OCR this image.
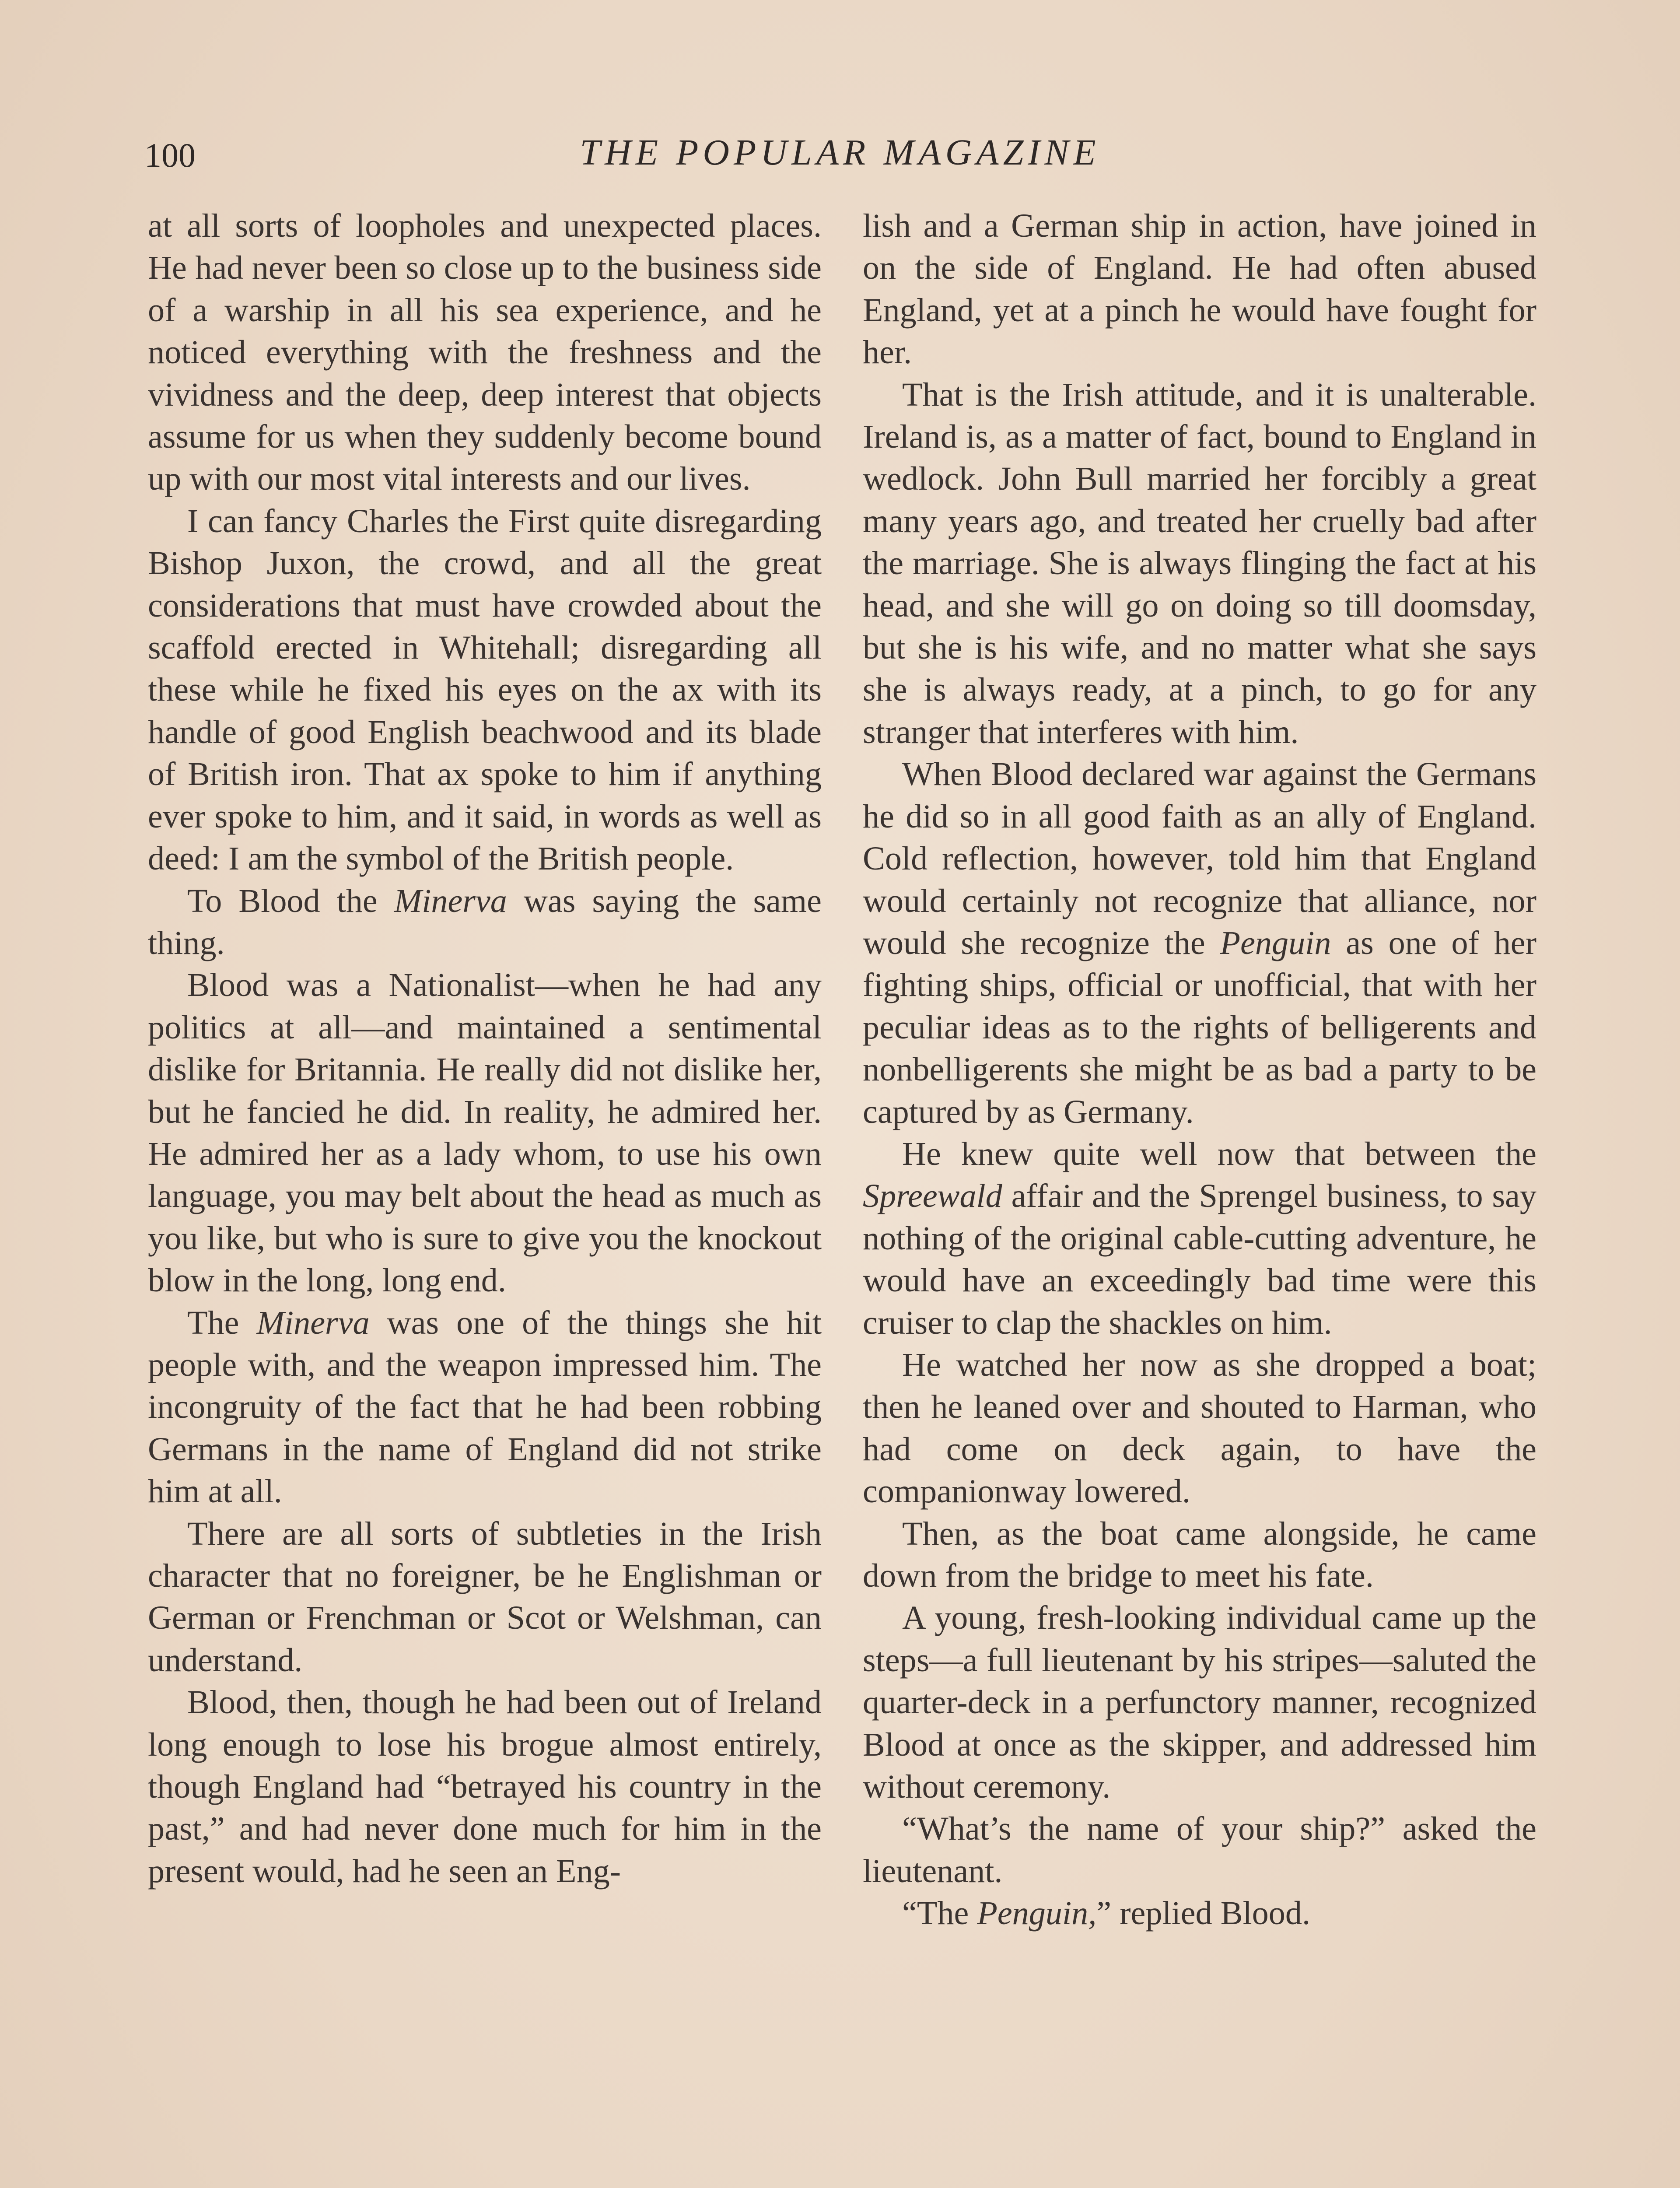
100	THE POPULAR MAGAZINE

at all sorts of loopholes and unexpected places. He had never been so close up to the business side of a warship in all his sea experience, and he noticed everything with the freshness and the vividness and the deep, deep interest that objects assume for us when they suddenly become bound up with our most vital interests and our lives.

I can fancy Charles the First quite disregarding Bishop Juxon, the crowd, and all the great considerations that must have crowded about the scaffold erected in Whitehall; disregarding all these while he fixed his eyes on the ax with its handle of good English beachwood and its blade of British iron. That ax spoke to him if anything ever spoke to him, and it said, in words as well as deed: I am the symbol of the British people.

To Blood the Minerva was saying the same thing.

Blood was a Nationalist—when he had any politics at all—and maintained a sentimental dislike for Britannia. He really did not dislike her, but he fancied he did. In reality, he admired her. He admired her as a lady whom, to use his own language, you may belt about the head as much as you like, but who is sure to give you the knockout blow in the long, long end.

The Minerva was one of the things she hit people with, and the weapon impressed him. The incongruity of the fact that he had been robbing Germans in the name of England did not strike him at all.

There are all sorts of subtleties in the Irish character that no foreigner, be he Englishman or German or Frenchman or Scot or Welshman, can understand.

Blood, then, though he had been out of Ireland long enough to lose his brogue almost entirely, though England had “betrayed his country in the past,” and had never done much for him in the present would, had he seen an Eng-

lish and a German ship in action, have joined in on the side of England. He had often abused England, yet at a pinch he would have fought for her.

That is the Irish attitude, and it is unalterable. Ireland is, as a matter of fact, bound to England in wedlock. John Bull married her forcibly a great many years ago, and treated her cruelly bad after the marriage. She is always flinging the fact at his head, and she will go on doing so till doomsday, but she is his wife, and no matter what she says she is always ready, at a pinch, to go for any stranger that interferes with him.

When Blood declared war against the Germans he did so in all good faith as an ally of England. Cold reflection, however, told him that England would certainly not recognize that alliance, nor would she recognize the Penguin as one of her fighting ships, official or unofficial, that with her peculiar ideas as to the rights of belligerents and nonbelligerents she might be as bad a party to be captured by as Germany.

He knew quite well now that between the Spreewald affair and the Sprengel business, to say nothing of the original cable-cutting adventure, he would have an exceedingly bad time were this cruiser to clap the shackles on him.

He watched her now as she dropped a boat; then he leaned over and shouted to Harman, who had come on deck again, to have the companionway lowered.

Then, as the boat came alongside, he came down from the bridge to meet his fate.

A young, fresh-looking individual came up the steps—a full lieutenant by his stripes—saluted the quarter-deck in a perfunctory manner, recognized Blood at once as the skipper, and addressed him without ceremony.

“What’s the name of your ship?” asked the lieutenant.

“The Penguin,” replied Blood.
